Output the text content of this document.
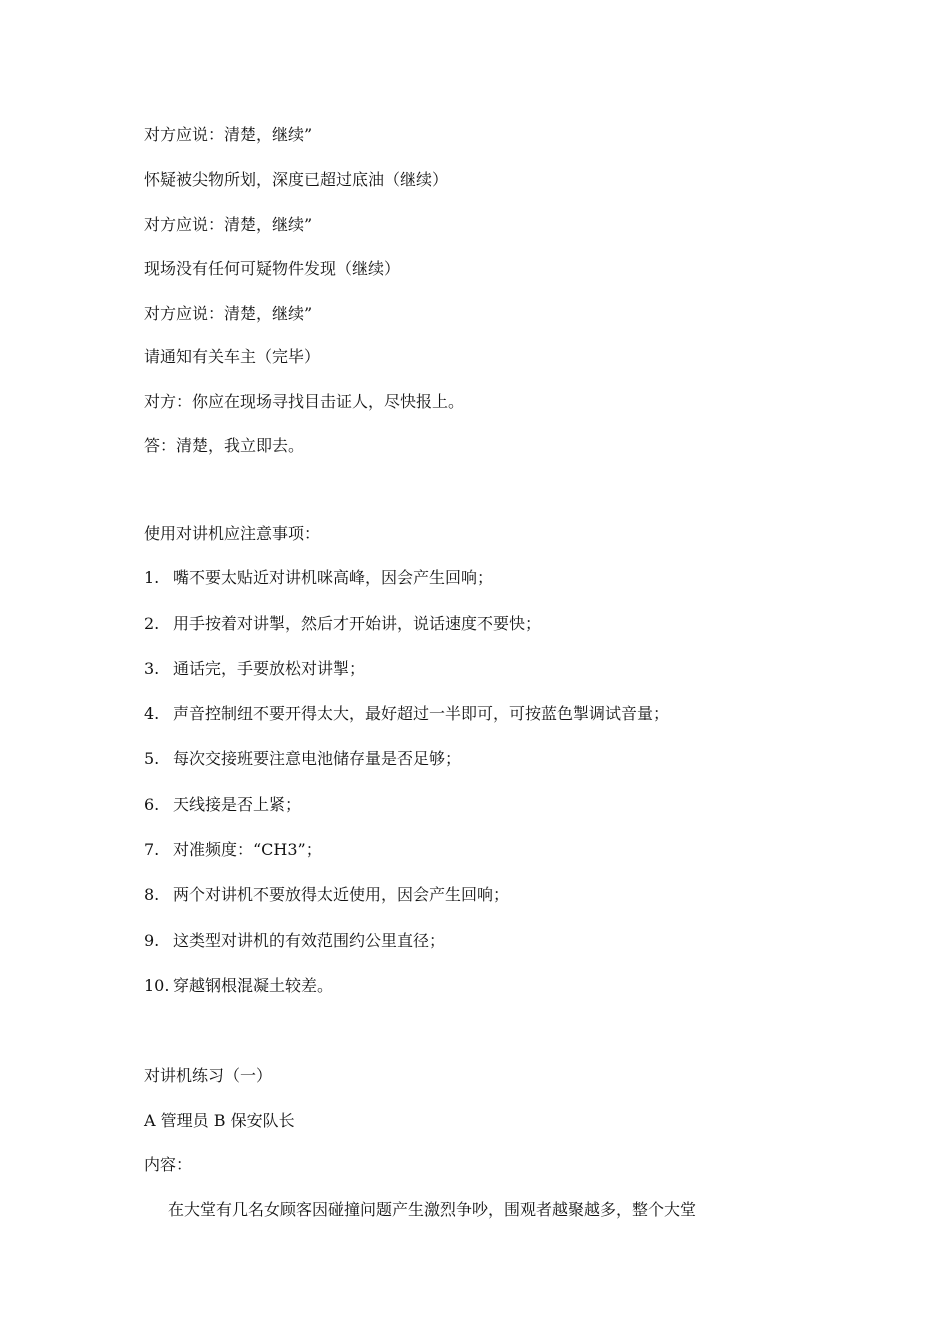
对方应说：清楚，继续”
怀疑被尖物所划，深度已超过底油（继续）
对方应说：清楚，继续”
现场没有任何可疑物件发现（继续）
对方应说：清楚，继续”
请通知有关车主（完毕）
对方：你应在现场寻找目击证人，尽快报上。
答：清楚，我立即去。
使用对讲机应注意事项：
1. 嘴不要太贴近对讲机咪高峰，因会产生回响；
2. 用手按着对讲掣，然后才开始讲，说话速度不要快；
3. 通话完，手要放松对讲掣；
4. 声音控制纽不要开得太大，最好超过一半即可，可按蓝色掣调试音量；
5. 每次交接班要注意电池储存量是否足够；
6. 天线接是否上紧；
7. 对准频度：“CH3”；
8. 两个对讲机不要放得太近使用，因会产生回响；
9. 这类型对讲机的有效范围约公里直径；
10. 穿越钢根混凝土较差。
对讲机练习（一）
A 管理员 B 保安队长
内容：
在大堂有几名女顾客因碰撞问题产生激烈争吵，围观者越聚越多，整个大堂
